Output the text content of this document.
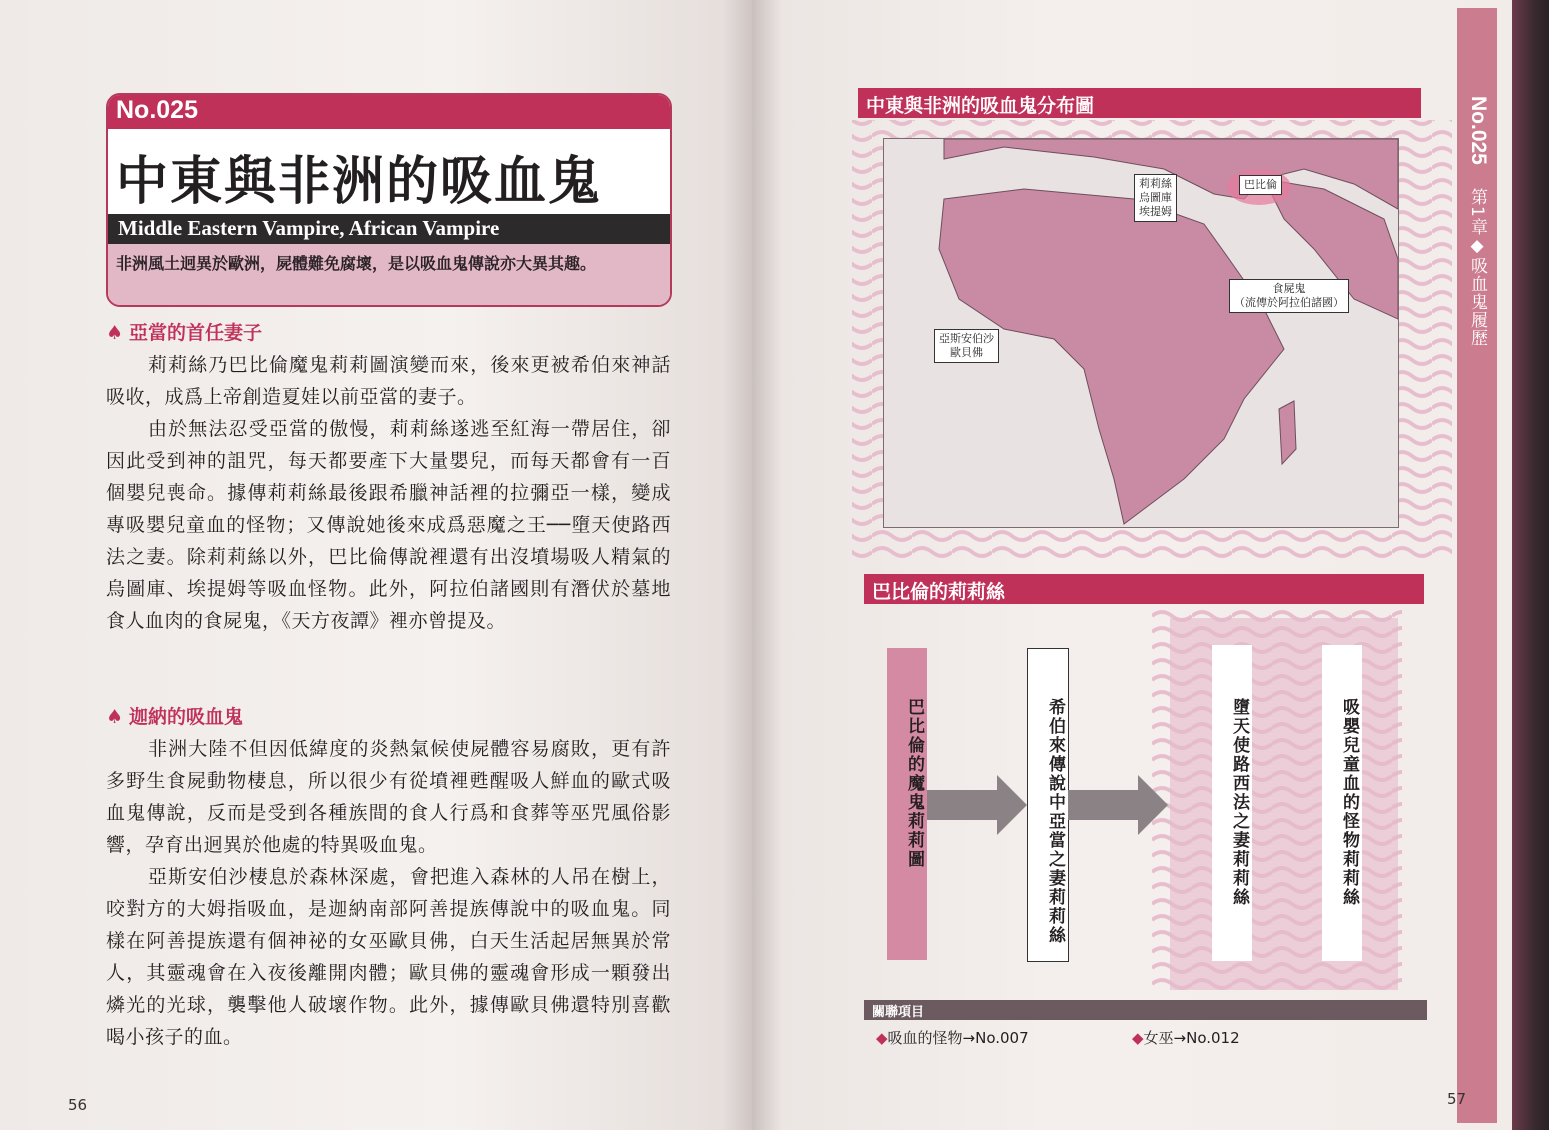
No.025
中東與非洲的吸血鬼
Middle Eastern Vampire, African Vampire
非洲風土迥異於歐洲，屍體難免腐壞，是以吸血鬼傳說亦大異其趣。
♠ 亞當的首任妻子
莉莉絲乃巴比倫魔鬼莉莉圖演變而來，後來更被希伯來神話吸收，成爲上帝創造夏娃以前亞當的妻子。
由於無法忍受亞當的傲慢，莉莉絲遂逃至紅海一帶居住，卻因此受到神的詛咒，每天都要產下大量嬰兒，而每天都會有一百個嬰兒喪命。據傳莉莉絲最後跟希臘神話裡的拉彌亞一樣，變成專吸嬰兒童血的怪物；又傳說她後來成爲惡魔之王──墮天使路西法之妻。除莉莉絲以外，巴比倫傳說裡還有出沒墳場吸人精氣的烏圖庫、埃提姆等吸血怪物。此外，阿拉伯諸國則有潛伏於墓地食人血肉的食屍鬼，《天方夜譚》裡亦曾提及。
♠ 迦納的吸血鬼
非洲大陸不但因低緯度的炎熱氣候使屍體容易腐敗，更有許多野生食屍動物棲息，所以很少有從墳裡甦醒吸人鮮血的歐式吸血鬼傳說，反而是受到各種族間的食人行爲和食葬等巫咒風俗影響，孕育出迥異於他處的特異吸血鬼。
亞斯安伯沙棲息於森林深處，會把進入森林的人吊在樹上，咬對方的大姆指吸血，是迦納南部阿善提族傳說中的吸血鬼。同樣在阿善提族還有個神祕的女巫歐貝佛，白天生活起居無異於常人，其靈魂會在入夜後離開肉體；歐貝佛的靈魂會形成一顆發出燐光的光球，襲擊他人破壞作物。此外，據傳歐貝佛還特別喜歡喝小孩子的血。
56
No.025
第1章◆吸血鬼履歷
中東與非洲的吸血鬼分布圖
莉莉絲
烏圖庫
埃提姆
巴比倫
食屍鬼
（流傳於阿拉伯諸國）
亞斯安伯沙
歐貝佛
巴比倫的莉莉絲
巴比倫的魔鬼莉莉圖	希伯來傳說中亞當之妻莉莉絲	墮天使路西法之妻莉莉絲	吸嬰兒童血的怪物莉莉絲
關聯項目
◆吸血的怪物→No.007	◆女巫→No.012
57
